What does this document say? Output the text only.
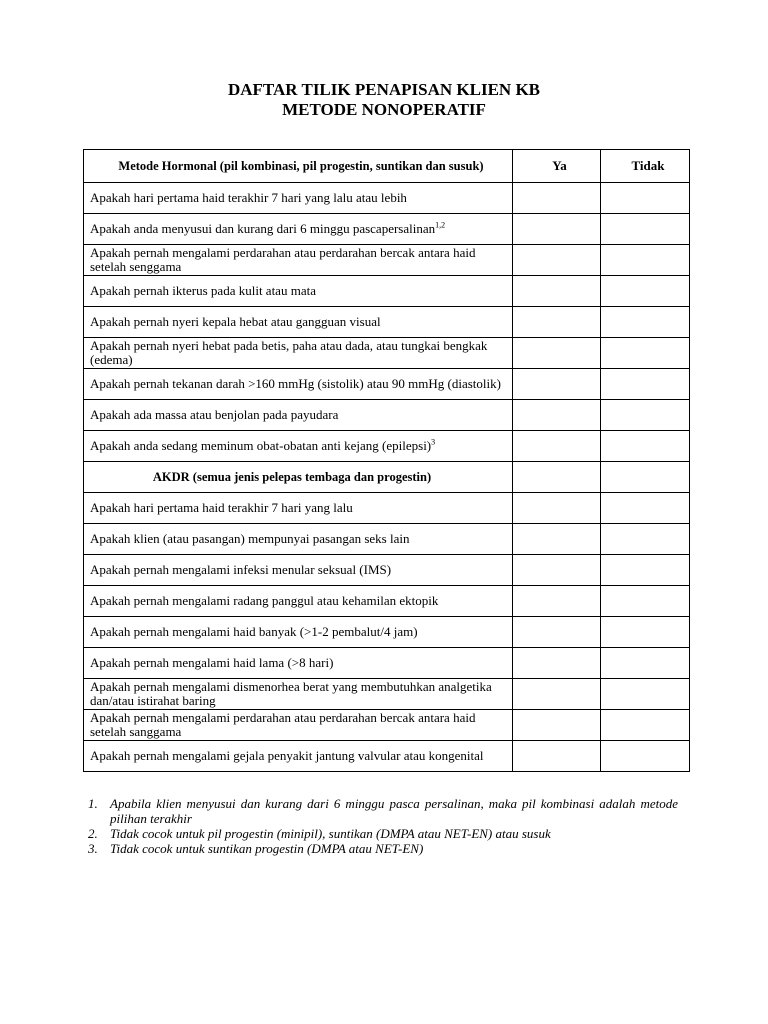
DAFTAR TILIK PENAPISAN KLIEN KB
METODE NONOPERATIF
Metode Hormonal (pil kombinasi, pil progestin, suntikan dan susuk)	Ya	Tidak
Apakah hari pertama haid terakhir 7 hari yang lalu atau lebih		
Apakah anda menyusui dan kurang dari 6 minggu pascapersalinan$^{1,2}$		
Apakah pernah mengalami perdarahan atau perdarahan bercak antara haid setelah senggama		
Apakah pernah ikterus pada kulit atau mata		
Apakah pernah nyeri kepala hebat atau gangguan visual		
Apakah pernah nyeri hebat pada betis, paha atau dada, atau tungkai bengkak (edema)		
Apakah pernah tekanan darah >160 mmHg (sistolik) atau 90 mmHg (diastolik)		
Apakah ada massa atau benjolan pada payudara		
Apakah anda sedang meminum obat-obatan anti kejang (epilepsi)$^3$		
AKDR (semua jenis pelepas tembaga dan progestin)		
Apakah hari pertama haid terakhir 7 hari yang lalu		
Apakah klien (atau pasangan) mempunyai pasangan seks lain		
Apakah pernah mengalami infeksi menular seksual (IMS)		
Apakah pernah mengalami radang panggul atau kehamilan ektopik		
Apakah pernah mengalami haid banyak (>1-2 pembalut/4 jam)		
Apakah pernah mengalami haid lama (>8 hari)		
Apakah pernah mengalami dismenorhea berat yang membutuhkan analgetika dan/atau istirahat baring		
Apakah pernah mengalami perdarahan atau perdarahan bercak antara haid setelah sanggama		
Apakah pernah mengalami gejala penyakit jantung valvular atau kongenital		
1. Apabila klien menyusui dan kurang dari 6 minggu pasca persalinan, maka pil kombinasi adalah metode pilihan terakhir
2. Tidak cocok untuk pil progestin (minipil), suntikan (DMPA atau NET-EN) atau susuk
3. Tidak cocok untuk suntikan progestin (DMPA atau NET-EN)
